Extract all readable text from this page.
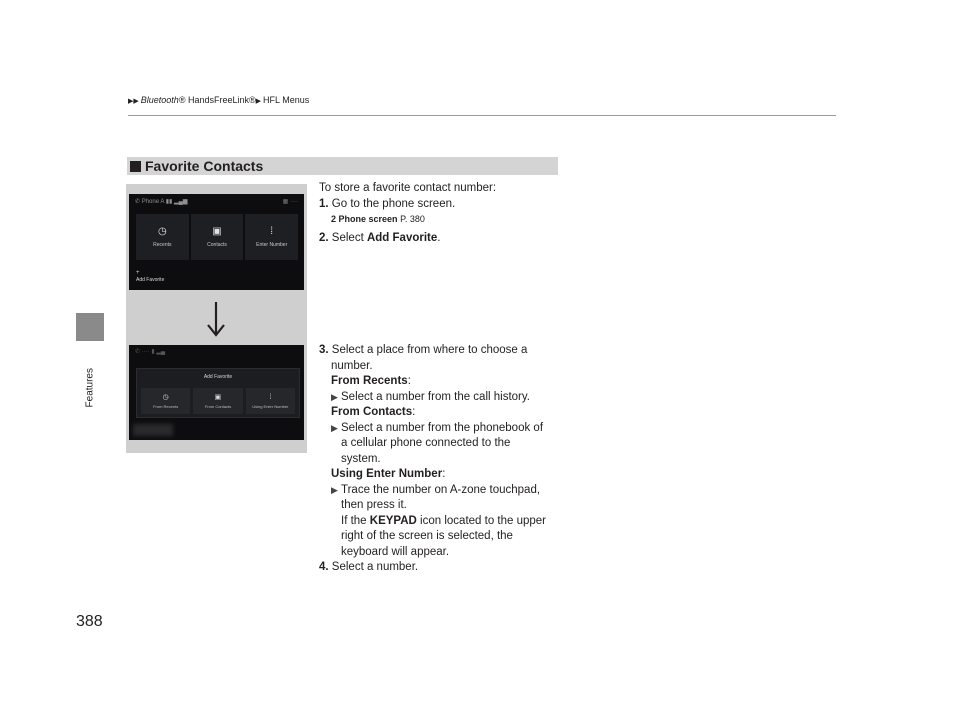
▶▶ Bluetooth® HandsFreeLink®▶ HFL Menus
Features
388
Favorite Contacts
✆ Phone A ▮▮ ▂▄▆	▦ ····
◷
Recents
▣
Contacts
⁞
Enter Number
+
Add Favorite
✆ ···· ▮ ▂▄
Add Favorite
◷
From Recents
▣
From Contacts
⁞
Using Enter Number
To store a favorite contact number:
1. Go to the phone screen.
2 Phone screen P. 380
2. Select Add Favorite.
3. Select a place from where to choose a
number.
From Recents:
▶ Select a number from the call history.
From Contacts:
▶ Select a number from the phonebook of
a cellular phone connected to the
system.
Using Enter Number:
▶ Trace the number on A-zone touchpad,
then press it.
If the KEYPAD icon located to the upper
right of the screen is selected, the
keyboard will appear.
4. Select a number.
